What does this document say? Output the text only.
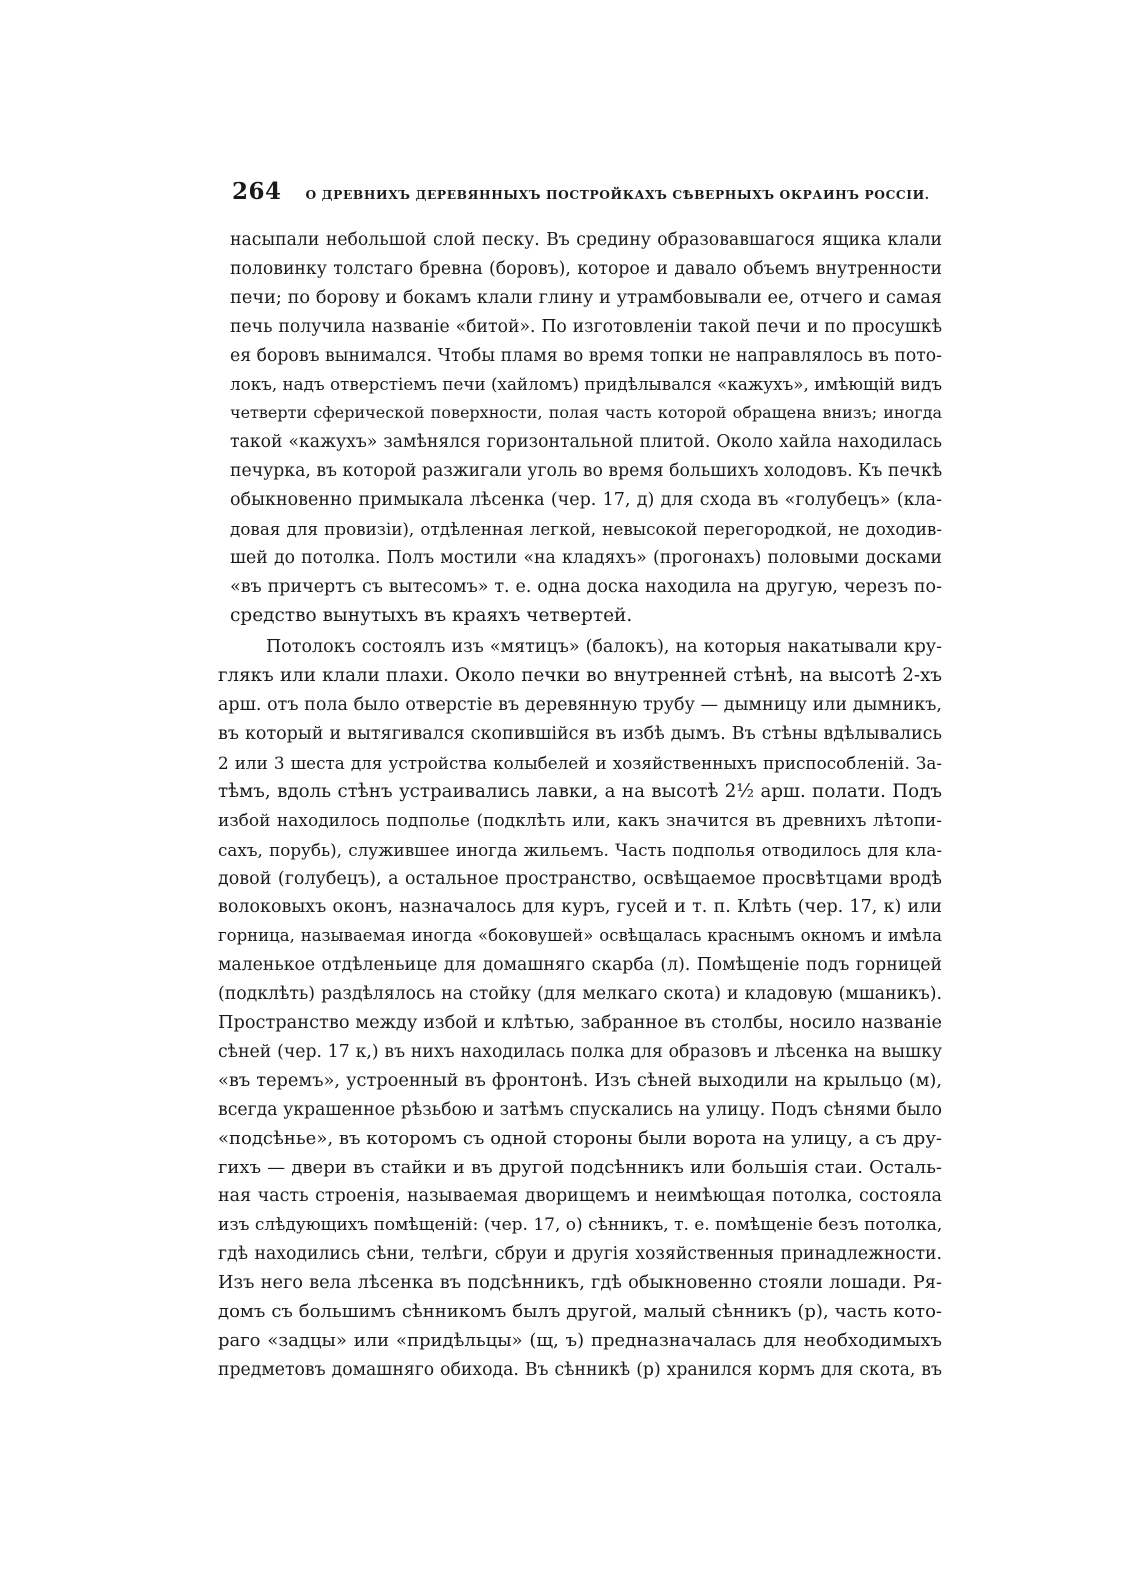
264 О ДРЕВНИХЪ ДЕРЕВЯННЫХЪ ПОСТРОЙКАХЪ СѢВЕРНЫХЪ ОКРАИНЪ РОССІИ.
насыпали небольшой слой песку. Въ средину образовавшагося ящика клали
половинку толстаго бревна (боровъ), которое и давало объемъ внутренности
печи; по борову и бокамъ клали глину и утрамбовывали ее, отчего и самая
печь получила названіе «битой». По изготовленіи такой печи и по просушкѣ
ея боровъ вынимался. Чтобы пламя во время топки не направлялось въ пото-
локъ, надъ отверстіемъ печи (хайломъ) придѣлывался «кажухъ», имѣющій видъ
четверти сферической поверхности, полая часть которой обращена внизъ; иногда
такой «кажухъ» замѣнялся горизонтальной плитой. Около хайла находилась
печурка, въ которой разжигали уголь во время большихъ холодовъ. Къ печкѣ
обыкновенно примыкала лѣсенка (чер. 17, д) для схода въ «голубецъ» (кла-
довая для провизіи), отдѣленная легкой, невысокой перегородкой, не доходив-
шей до потолка. Полъ мостили «на кладяхъ» (прогонахъ) половыми досками
«въ причертъ съ вытесомъ» т. е. одна доска находила на другую, черезъ по-
средство вынутыхъ въ краяхъ четвертей.
Потолокъ состоялъ изъ «мятицъ» (балокъ), на которыя накатывали кру-
глякъ или клали плахи. Около печки во внутренней стѣнѣ, на высотѣ 2-хъ
арш. отъ пола было отверстіе въ деревянную трубу — дымницу или дымникъ,
въ который и вытягивался скопившійся въ избѣ дымъ. Въ стѣны вдѣлывались
2 или 3 шеста для устройства колыбелей и хозяйственныхъ приспособленій. За-
тѣмъ, вдоль стѣнъ устраивались лавки, а на высотѣ 2½ арш. полати. Подъ
избой находилось подполье (подклѣть или, какъ значится въ древнихъ лѣтопи-
сахъ, порубь), служившее иногда жильемъ. Часть подполья отводилось для кла-
довой (голубецъ), а остальное пространство, освѣщаемое просвѣтцами вродѣ
волоковыхъ оконъ, назначалось для куръ, гусей и т. п. Клѣть (чер. 17, к) или
горница, называемая иногда «боковушей» освѣщалась краснымъ окномъ и имѣла
маленькое отдѣленьице для домашняго скарба (л). Помѣщеніе подъ горницей
(подклѣть) раздѣлялось на стойку (для мелкаго скота) и кладовую (мшаникъ).
Пространство между избой и клѣтью, забранное въ столбы, носило названіе
сѣней (чер. 17 к,) въ нихъ находилась полка для образовъ и лѣсенка на вышку
«въ теремъ», устроенный въ фронтонѣ. Изъ сѣней выходили на крыльцо (м),
всегда украшенное рѣзьбою и затѣмъ спускались на улицу. Подъ сѣнями было
«подсѣнье», въ которомъ съ одной стороны были ворота на улицу, а съ дру-
гихъ — двери въ стайки и въ другой подсѣнникъ или большія стаи. Осталь-
ная часть строенія, называемая дворищемъ и неимѣющая потолка, состояла
изъ слѣдующихъ помѣщеній: (чер. 17, о) сѣнникъ, т. е. помѣщеніе безъ потолка,
гдѣ находились сѣни, телѣги, сбруи и другія хозяйственныя принадлежности.
Изъ него вела лѣсенка въ подсѣнникъ, гдѣ обыкновенно стояли лошади. Ря-
домъ съ большимъ сѣнникомъ былъ другой, малый сѣнникъ (р), часть кото-
раго «задцы» или «придѣльцы» (щ, ъ) предназначалась для необходимыхъ
предметовъ домашняго обихода. Въ сѣнникѣ (р) хранился кормъ для скота, въ
